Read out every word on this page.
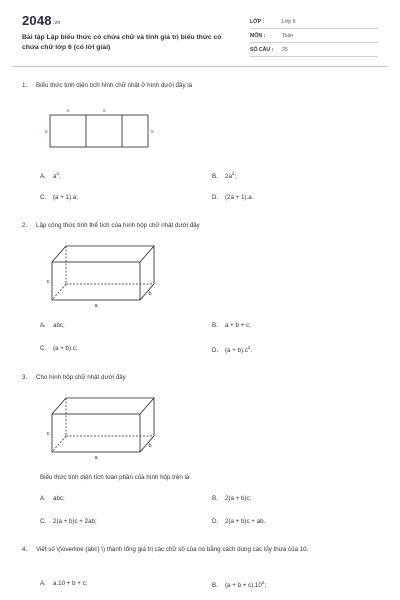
$2048^{.vn}$
Bài tập Lập biểu thức có chứa chữ và tính giá trị biểu thức có chứa chữ lớp 6 (có lời giải)
LỚP :	Lớp 6
MÔN :	Toán
SỐ CÂU :	25
1. Biểu thức tính diện tích hình chữ nhật ở hình dưới đây là
a	a
a	a
A. $a^2$;	B. $2a^2$;
C. (a + 1).a;	D. (2a + 1).a.
2. Lập công thức tính thể tích của hình hộp chữ nhật dưới đây
c
a
b
A. abc;	B. a + b + c;
C. (a + b).c;	D. $(a + b).c^2$.
3. Cho hình hộp chữ nhật dưới đây
c
a
b
Biểu thức tính diện tích toàn phần của hình hộp trên là
A. abc;	B. 2(a + b)c;
C. 2(a + b)c + 2ab;	D. 2(a + b)c + ab.
4. Viết số \(\overline {abc} \) thành tổng giá trị các chữ số của nó bằng cách dùng các lũy thừa của 10.
A. a.10 + b + c;	B. $(a + b + c).10^2$;
